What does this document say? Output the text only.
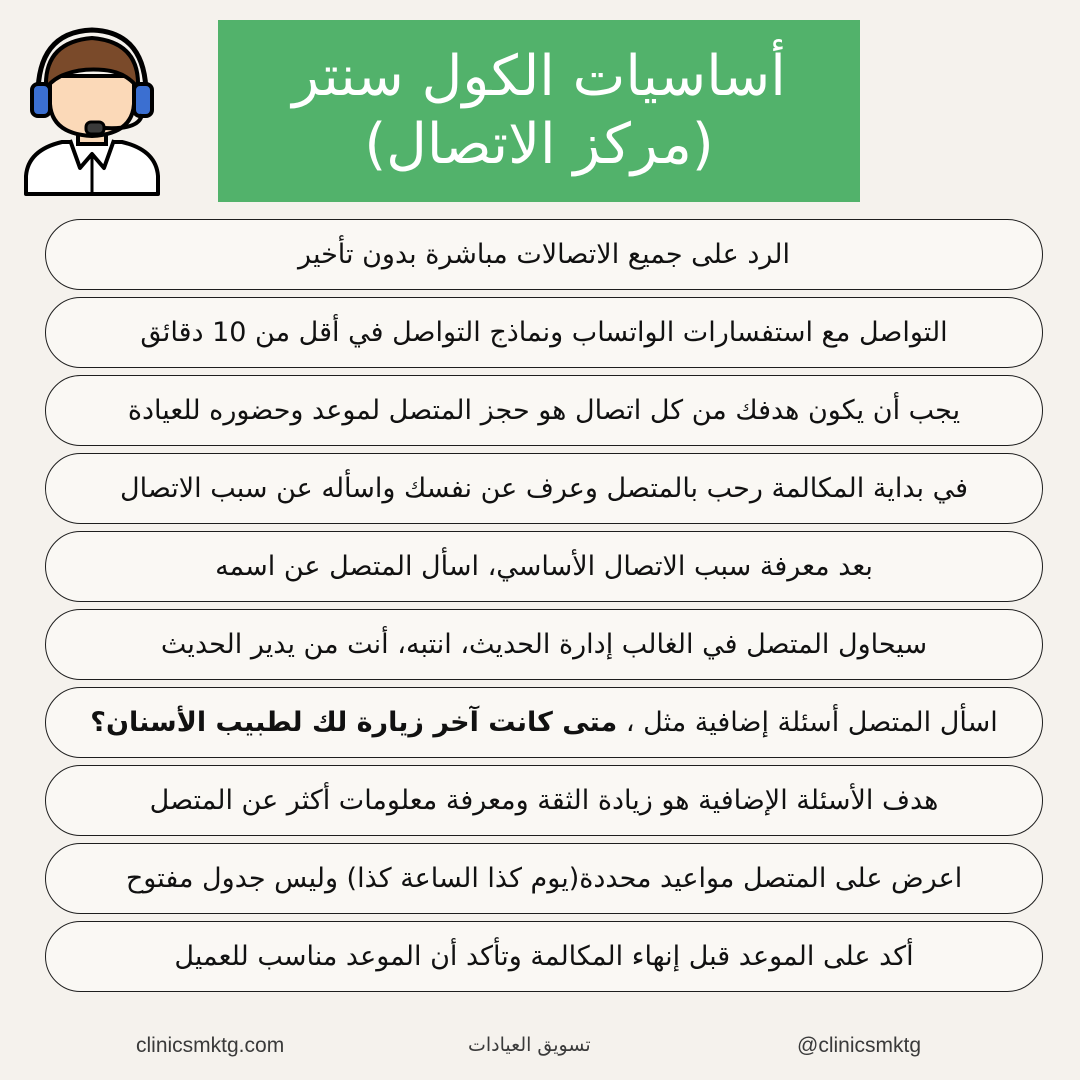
أساسيات الكول سنتر
(مركز الاتصال)
الرد على جميع الاتصالات مباشرة بدون تأخير
التواصل مع استفسارات الواتساب ونماذج التواصل في أقل من 10 دقائق
يجب أن يكون هدفك من كل اتصال هو حجز المتصل لموعد وحضوره للعيادة
في بداية المكالمة رحب بالمتصل وعرف عن نفسك واسأله عن سبب الاتصال
بعد معرفة سبب الاتصال الأساسي، اسأل المتصل عن اسمه
سيحاول المتصل في الغالب إدارة الحديث، انتبه، أنت من يدير الحديث
اسأل المتصل أسئلة إضافية مثل ، متى كانت آخر زيارة لك لطبيب الأسنان؟
هدف الأسئلة الإضافية هو زيادة الثقة ومعرفة معلومات أكثر عن المتصل
اعرض على المتصل مواعيد محددة(يوم كذا الساعة كذا) وليس جدول مفتوح
أكد على الموعد قبل إنهاء المكالمة وتأكد أن الموعد مناسب للعميل
clinicsmktg.com	تسويق العيادات	@clinicsmktg
